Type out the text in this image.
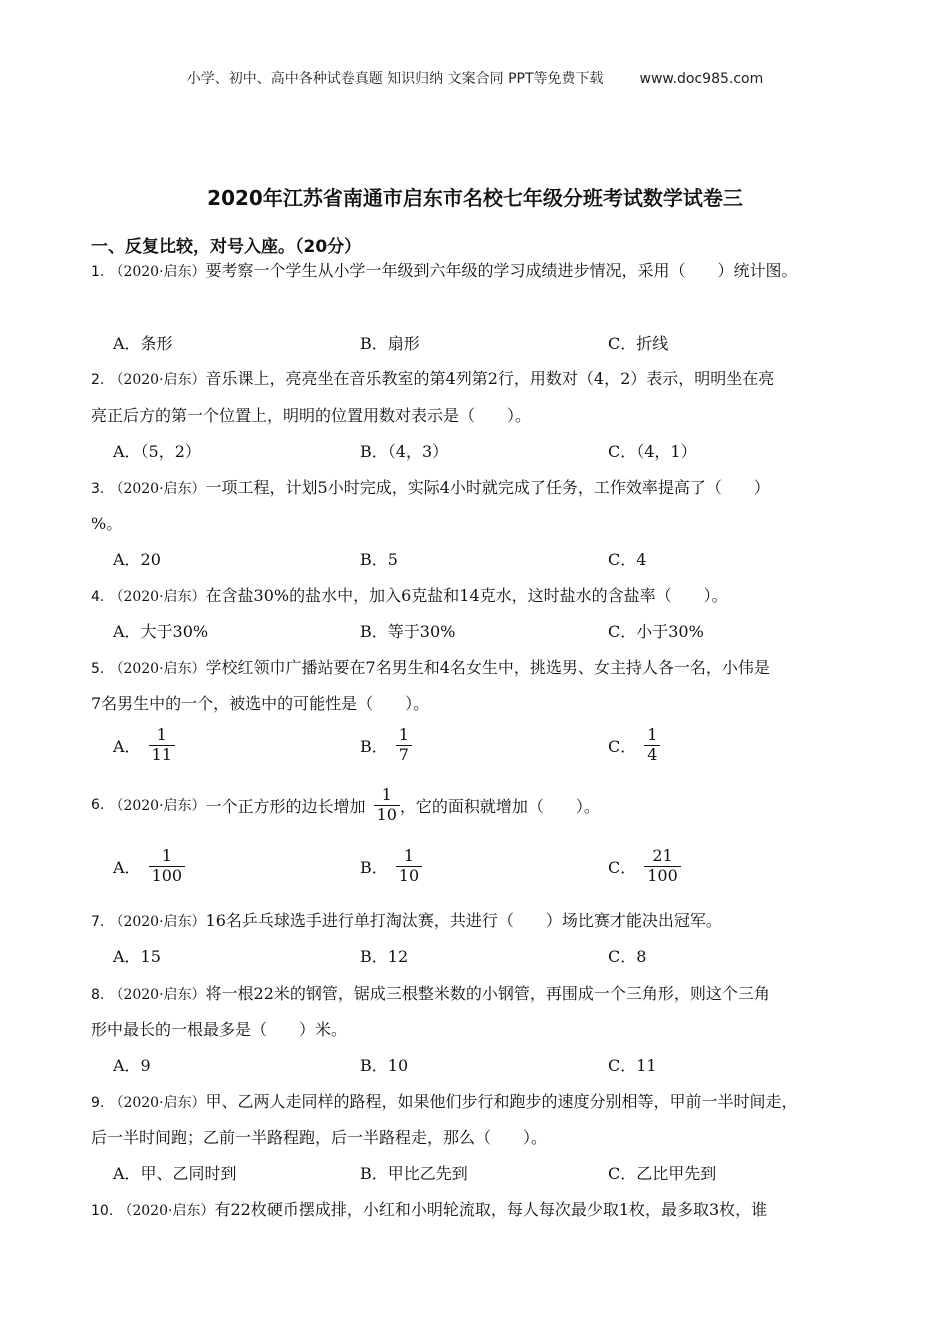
小学、初中、高中各种试卷真题 知识归纳 文案合同 PPT等免费下载	www.doc985.com
2020年江苏省南通市启东市名校七年级分班考试数学试卷三
一、反复比较，对号入座。（20分）
1. （2020·启东）要考察一个学生从小学一年级到六年级的学习成绩进步情况，采用（　　）统计图。
A．条形	B．扇形	C．折线
2. （2020·启东）音乐课上，亮亮坐在音乐教室的第4列第2行，用数对（4，2）表示，明明坐在亮
亮正后方的第一个位置上，明明的位置用数对表示是（　　）。
A．（5，2）	B．（4，3）	C．（4，1）
3. （2020·启东）一项工程，计划5小时完成，实际4小时就完成了任务，工作效率提高了（　　）
%。
A．20	B．5	C．4
4. （2020·启东）在含盐30%的盐水中，加入6克盐和14克水，这时盐水的含盐率（　　）。
A．大于30%	B．等于30%	C．小于30%
5. （2020·启东）学校红领巾广播站要在7名男生和4名女生中，挑选男、女主持人各一名，小伟是
7名男生中的一个，被选中的可能性是（　　）。
A． $\frac{1}{11}$	B． $\frac{1}{7}$	C． $\frac{1}{4}$
6.
（2020·启东） 一个正方形的边长增加 $\frac{1}{10}$ ，它的面积就增加（　　）。
A． $\frac{1}{100}$	B． $\frac{1}{10}$	C． $\frac{21}{100}$
7. （2020·启东）16名乒乓球选手进行单打淘汰赛，共进行（　　）场比赛才能决出冠军。
A．15	B．12	C．8
8. （2020·启东）将一根22米的钢管，锯成三根整米数的小钢管，再围成一个三角形，则这个三角
形中最长的一根最多是（　　）米。
A．9	B．10	C．11
9. （2020·启东）甲、乙两人走同样的路程，如果他们步行和跑步的速度分别相等，甲前一半时间走，
后一半时间跑；乙前一半路程跑，后一半路程走，那么（　　）。
A．甲、乙同时到	B．甲比乙先到	C．乙比甲先到
10. （2020·启东）有22枚硬币摆成排，小红和小明轮流取，每人每次最少取1枚，最多取3枚，谁
